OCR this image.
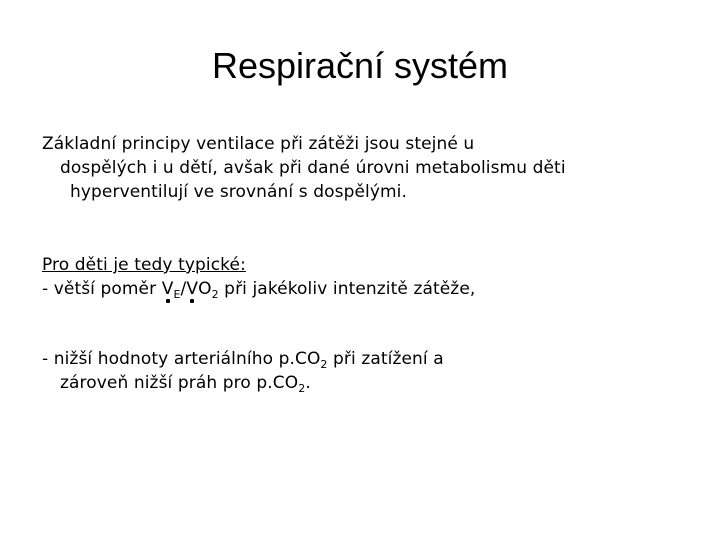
Respirační systém
Základní principy ventilace při zátěži jsou stejné u
dospělých i u dětí, avšak při dané úrovni metabolismu děti
hyperventilují ve srovnání s dospělými.
Pro děti je tedy typické:
- větší poměr V
$_E$/V
$O_2$ při jakékoliv intenzitě zátěže,
- nižší hodnoty arteriálního $p.CO_2$ při zatížení a
zároveň nižší práh pro $p.CO_2$.
